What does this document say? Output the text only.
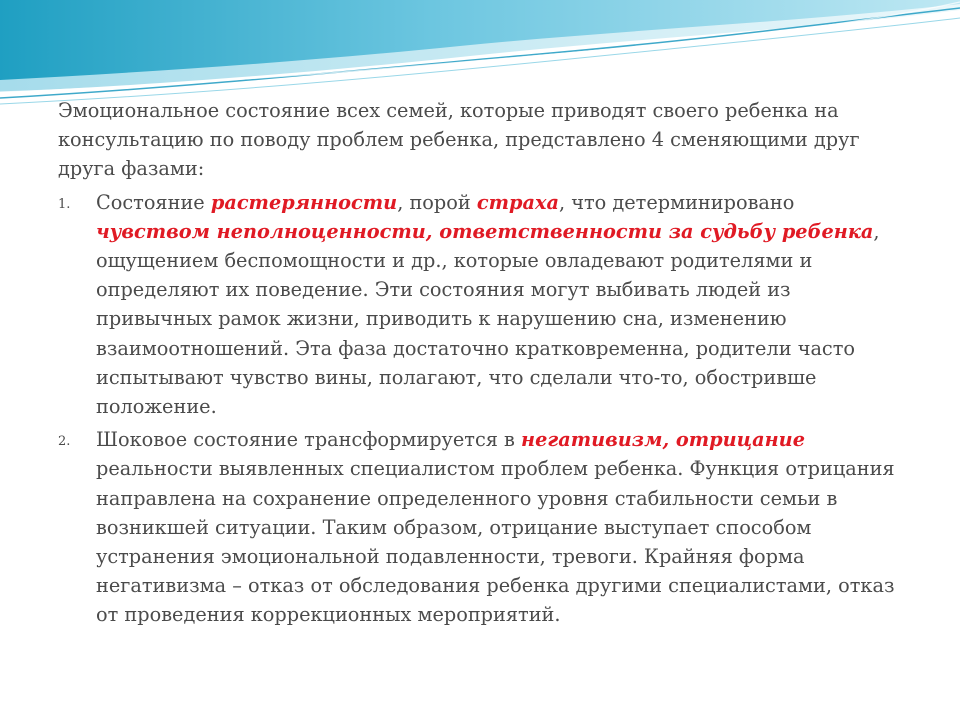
Эмоциональное состояние всех семей, которые приводят своего ребенка на консультацию по поводу проблем ребенка, представлено 4 сменяющими друг друга фазами:

1. Состояние растерянности, порой страха, что детерминировано чувством неполноценности, ответственности за судьбу ребенка, ощущением беспомощности и др., которые овладевают родителями и определяют их поведение. Эти состояния могут выбивать людей из привычных рамок жизни, приводить к нарушению сна, изменению взаимоотношений. Эта фаза достаточно кратковременна, родители часто испытывают чувство вины, полагают, что сделали что-то, обостривше положение.
2. Шоковое состояние трансформируется в негативизм, отрицание реальности выявленных специалистом проблем ребенка. Функция отрицания направлена на сохранение определенного уровня стабильности семьи в возникшей ситуации. Таким образом, отрицание выступает способом устранения эмоциональной подавленности, тревоги. Крайняя форма негативизма – отказ от обследования ребенка другими специалистами, отказ от проведения коррекционных мероприятий.
